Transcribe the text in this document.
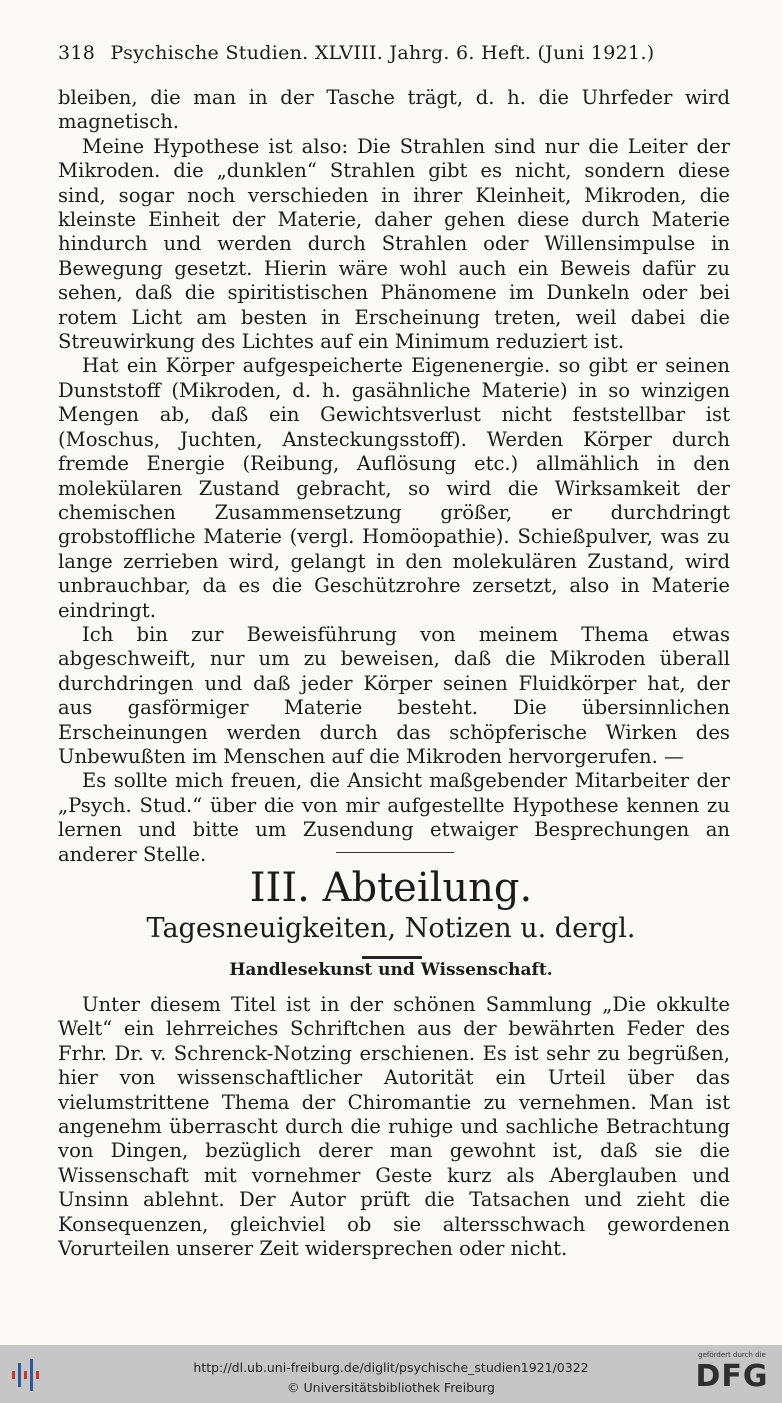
318 Psychische Studien. XLVIII. Jahrg. 6. Heft. (Juni 1921.)

bleiben, die man in der Tasche trägt, d. h. die Uhrfeder wird magnetisch.

Meine Hypothese ist also: Die Strahlen sind nur die Leiter der Mikroden. die „dunklen“ Strahlen gibt es nicht, sondern diese sind, sogar noch verschieden in ihrer Kleinheit, Mikroden, die kleinste Einheit der Materie, daher gehen diese durch Materie hindurch und werden durch Strahlen oder Willensimpulse in Bewegung gesetzt. Hierin wäre wohl auch ein Beweis dafür zu sehen, daß die spiritistischen Phänomene im Dunkeln oder bei rotem Licht am besten in Erscheinung treten, weil dabei die Streuwirkung des Lichtes auf ein Minimum reduziert ist.

Hat ein Körper aufgespeicherte Eigenenergie. so gibt er seinen Dunststoff (Mikroden, d. h. gasähnliche Materie) in so winzigen Mengen ab, daß ein Gewichtsverlust nicht feststellbar ist (Moschus, Juchten, Ansteckungsstoff). Werden Körper durch fremde Energie (Reibung, Auflösung etc.) allmählich in den molekülaren Zustand gebracht, so wird die Wirksamkeit der chemischen Zusammensetzung größer, er durchdringt grobstoffliche Materie (vergl. Homöopathie). Schießpulver, was zu lange zerrieben wird, gelangt in den molekulären Zustand, wird unbrauchbar, da es die Geschützrohre zersetzt, also in Materie eindringt.

Ich bin zur Beweisführung von meinem Thema etwas abgeschweift, nur um zu beweisen, daß die Mikroden überall durchdringen und daß jeder Körper seinen Fluidkörper hat, der aus gasförmiger Materie besteht. Die übersinnlichen Erscheinungen werden durch das schöpferische Wirken des Unbewußten im Menschen auf die Mikroden hervorgerufen. —

Es sollte mich freuen, die Ansicht maßgebender Mitarbeiter der „Psych. Stud.“ über die von mir aufgestellte Hypothese kennen zu lernen und bitte um Zusendung etwaiger Besprechungen an anderer Stelle.

III. Abteilung.
Tagesneuigkeiten, Notizen u. dergl.
Handlesekunst und Wissenschaft.

Unter diesem Titel ist in der schönen Sammlung „Die okkulte Welt“ ein lehrreiches Schriftchen aus der bewährten Feder des Frhr. Dr. v. Schrenck-Notzing erschienen. Es ist sehr zu begrüßen, hier von wissenschaftlicher Autorität ein Urteil über das vielumstrittene Thema der Chiromantie zu vernehmen. Man ist angenehm überrascht durch die ruhige und sachliche Betrachtung von Dingen, bezüglich derer man gewohnt ist, daß sie die Wissenschaft mit vornehmer Geste kurz als Aberglauben und Unsinn ablehnt. Der Autor prüft die Tatsachen und zieht die Konsequenzen, gleichviel ob sie altersschwach gewordenen Vorurteilen unserer Zeit widersprechen oder nicht.

http://dl.ub.uni-freiburg.de/diglit/psychische_studien1921/0322
© Universitätsbibliothek Freiburg
gefördert durch die
DFG
